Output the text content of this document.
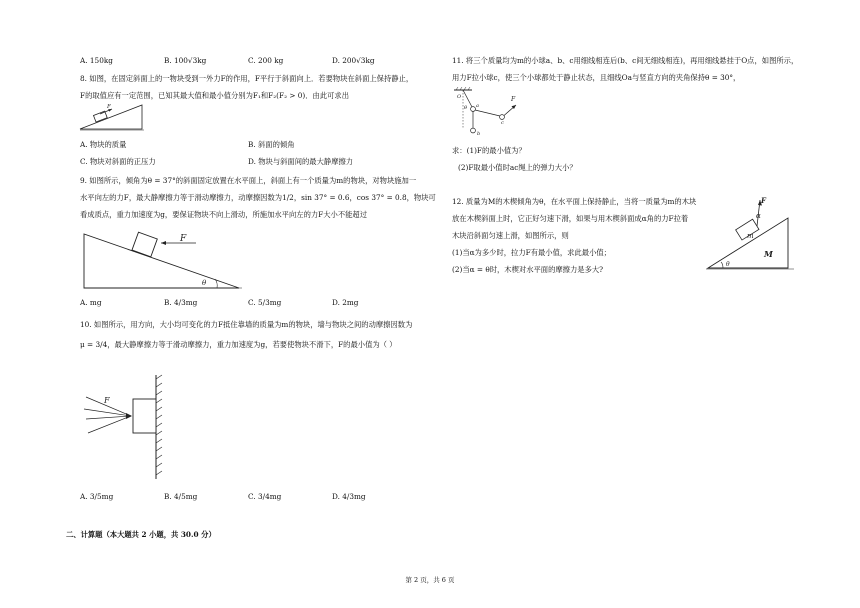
A. 150kg	B. 100√3kg	C. 200 kg	D. 200√3kg
8. 如图，在固定斜面上的一物块受到一外力F的作用，F平行于斜面向上．若要物块在斜面上保持静止，
F的取值应有一定范围，已知其最大值和最小值分别为F₁和F₂(F₂ > 0)．由此可求出
F
A. 物块的质量	B. 斜面的倾角
C. 物块对斜面的正压力	D. 物块与斜面间的最大静摩擦力
9. 如图所示，倾角为θ = 37°的斜面固定放置在水平面上，斜面上有一个质量为m的物块，对物块施加一
水平向左的力F，最大静摩擦力等于滑动摩擦力，动摩擦因数为1/2，sin 37° = 0.6，cos 37° = 0.8，物块可
看成质点，重力加速度为g，要保证物块不向上滑动，所施加水平向左的力F大小不能超过
F
θ
A. mg	B. 4/3mg	C. 5/3mg	D. 2mg
10. 如图所示，用方向，大小均可变化的力F抵住靠墙的质量为m的物块，墙与物块之间的动摩擦因数为
μ = 3/4，最大静摩擦力等于滑动摩擦力，重力加速度为g，若要使物块不滑下，F的最小值为（ ）
F
A. 3/5mg	B. 4/5mg	C. 3/4mg	D. 4/3mg
二、计算题（本大题共 2 小题，共 30.0 分）
11. 将三个质量均为m的小球a、b、c用细线相连后(b、c间无细线相连)，再用细线悬挂于O点，如图所示，
用力F拉小球c，使三个小球都处于静止状态，且细线Oa与竖直方向的夹角保持θ = 30°，
O
θ a
b
c
F
求：(1)F的最小值为？
(2)F取最小值时ac绳上的弹力大小？
12. 质量为M的木楔倾角为θ，在水平面上保持静止，当将一质量为m的木块
放在木楔斜面上时，它正好匀速下滑，如果与用木楔斜面成α角的力F拉着
木块沿斜面匀速上滑，如图所示，则
(1)当α为多少时，拉力F有最小值，求此最小值；
(2)当α = θ时，木楔对水平面的摩擦力是多大?
F
α
m
M
θ
第 2 页，共 6 页
